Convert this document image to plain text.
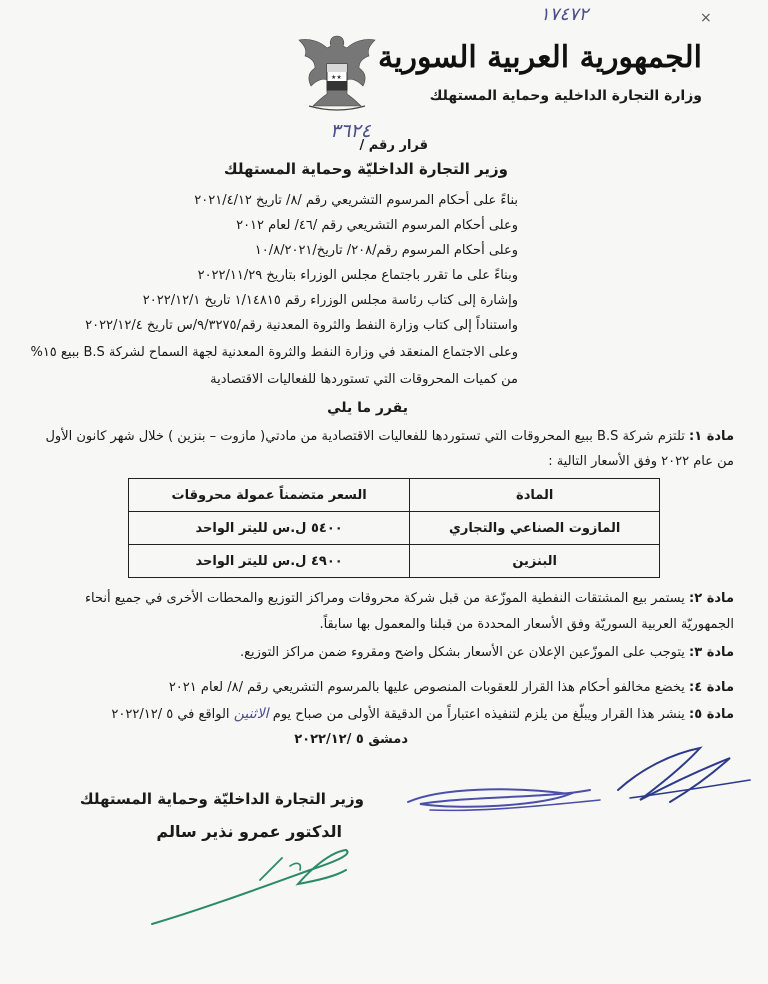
١٧٤٧٢	×
★★
الجمهورية العربية السورية
وزارة التجارة الداخلية وحماية المستهلك
قرار رقم /
٣٦٢٤
وزير التجارة الداخليّة وحماية المستهلك
بناءً على أحكام المرسوم التشريعي رقم /٨/ تاريخ ٢٠٢١/٤/١٢
وعلى أحكام المرسوم التشريعي رقم /٤٦/ لعام ٢٠١٢
وعلى أحكام المرسوم رقم/٢٠٨/ تاريخ/١٠/٨/٢٠٢١
وبناءً على ما تقرر باجتماع مجلس الوزراء بتاريخ ٢٠٢٢/١١/٢٩
وإشارة إلى كتاب رئاسة مجلس الوزراء رقم ١/١٤٨١٥ تاريخ ٢٠٢٢/١٢/١
واستناداً إلى كتاب وزارة النفط والثروة المعدنية رقم/٩/٣٢٧٥/س تاريخ ٢٠٢٢/١٢/٤
وعلى الاجتماع المنعقد في وزارة النفط والثروة المعدنية لجهة السماح لشركة B.S ببيع ١٥%
من كميات المحروقات التي تستوردها للفعاليات الاقتصادية
يقرر ما يلي
مادة ١: تلتزم شركة B.S ببيع المحروقات التي تستوردها للفعاليات الاقتصادية من مادتي( مازوت – بنزين ) خلال شهر كانون الأول من عام ٢٠٢٢ وفق الأسعار التالية :
المادة	السعر متضمناً عمولة محروقات
المازوت الصناعي والتجاري	٥٤٠٠ ل.س لليتر الواحد
البنزين	٤٩٠٠ ل.س لليتر الواحد
مادة ٢: يستمر بيع المشتقات النفطية الموزّعة من قبل شركة محروقات ومراكز التوزيع والمحطات الأخرى في جميع أنحاء الجمهوريّة العربية السوريّة وفق الأسعار المحددة من قبلنا والمعمول بها سابقاً.
مادة ٣: يتوجب على الموزّعين الإعلان عن الأسعار بشكل واضح ومقروء ضمن مراكز التوزيع.
مادة ٤: يخضع مخالفو أحكام هذا القرار للعقوبات المنصوص عليها بالمرسوم التشريعي رقم /٨/ لعام ٢٠٢١
مادة ٥: ينشر هذا القرار ويبلّغ من يلزم لتنفيذه اعتباراً من الدقيقة الأولى من صباح يوم الاثنين الواقع في ٥ /٢٠٢٢/١٢
دمشق ٥ /٢٠٢٢/١٢
وزير التجارة الداخليّة وحماية المستهلك
الدكتور عمرو نذير سالم
